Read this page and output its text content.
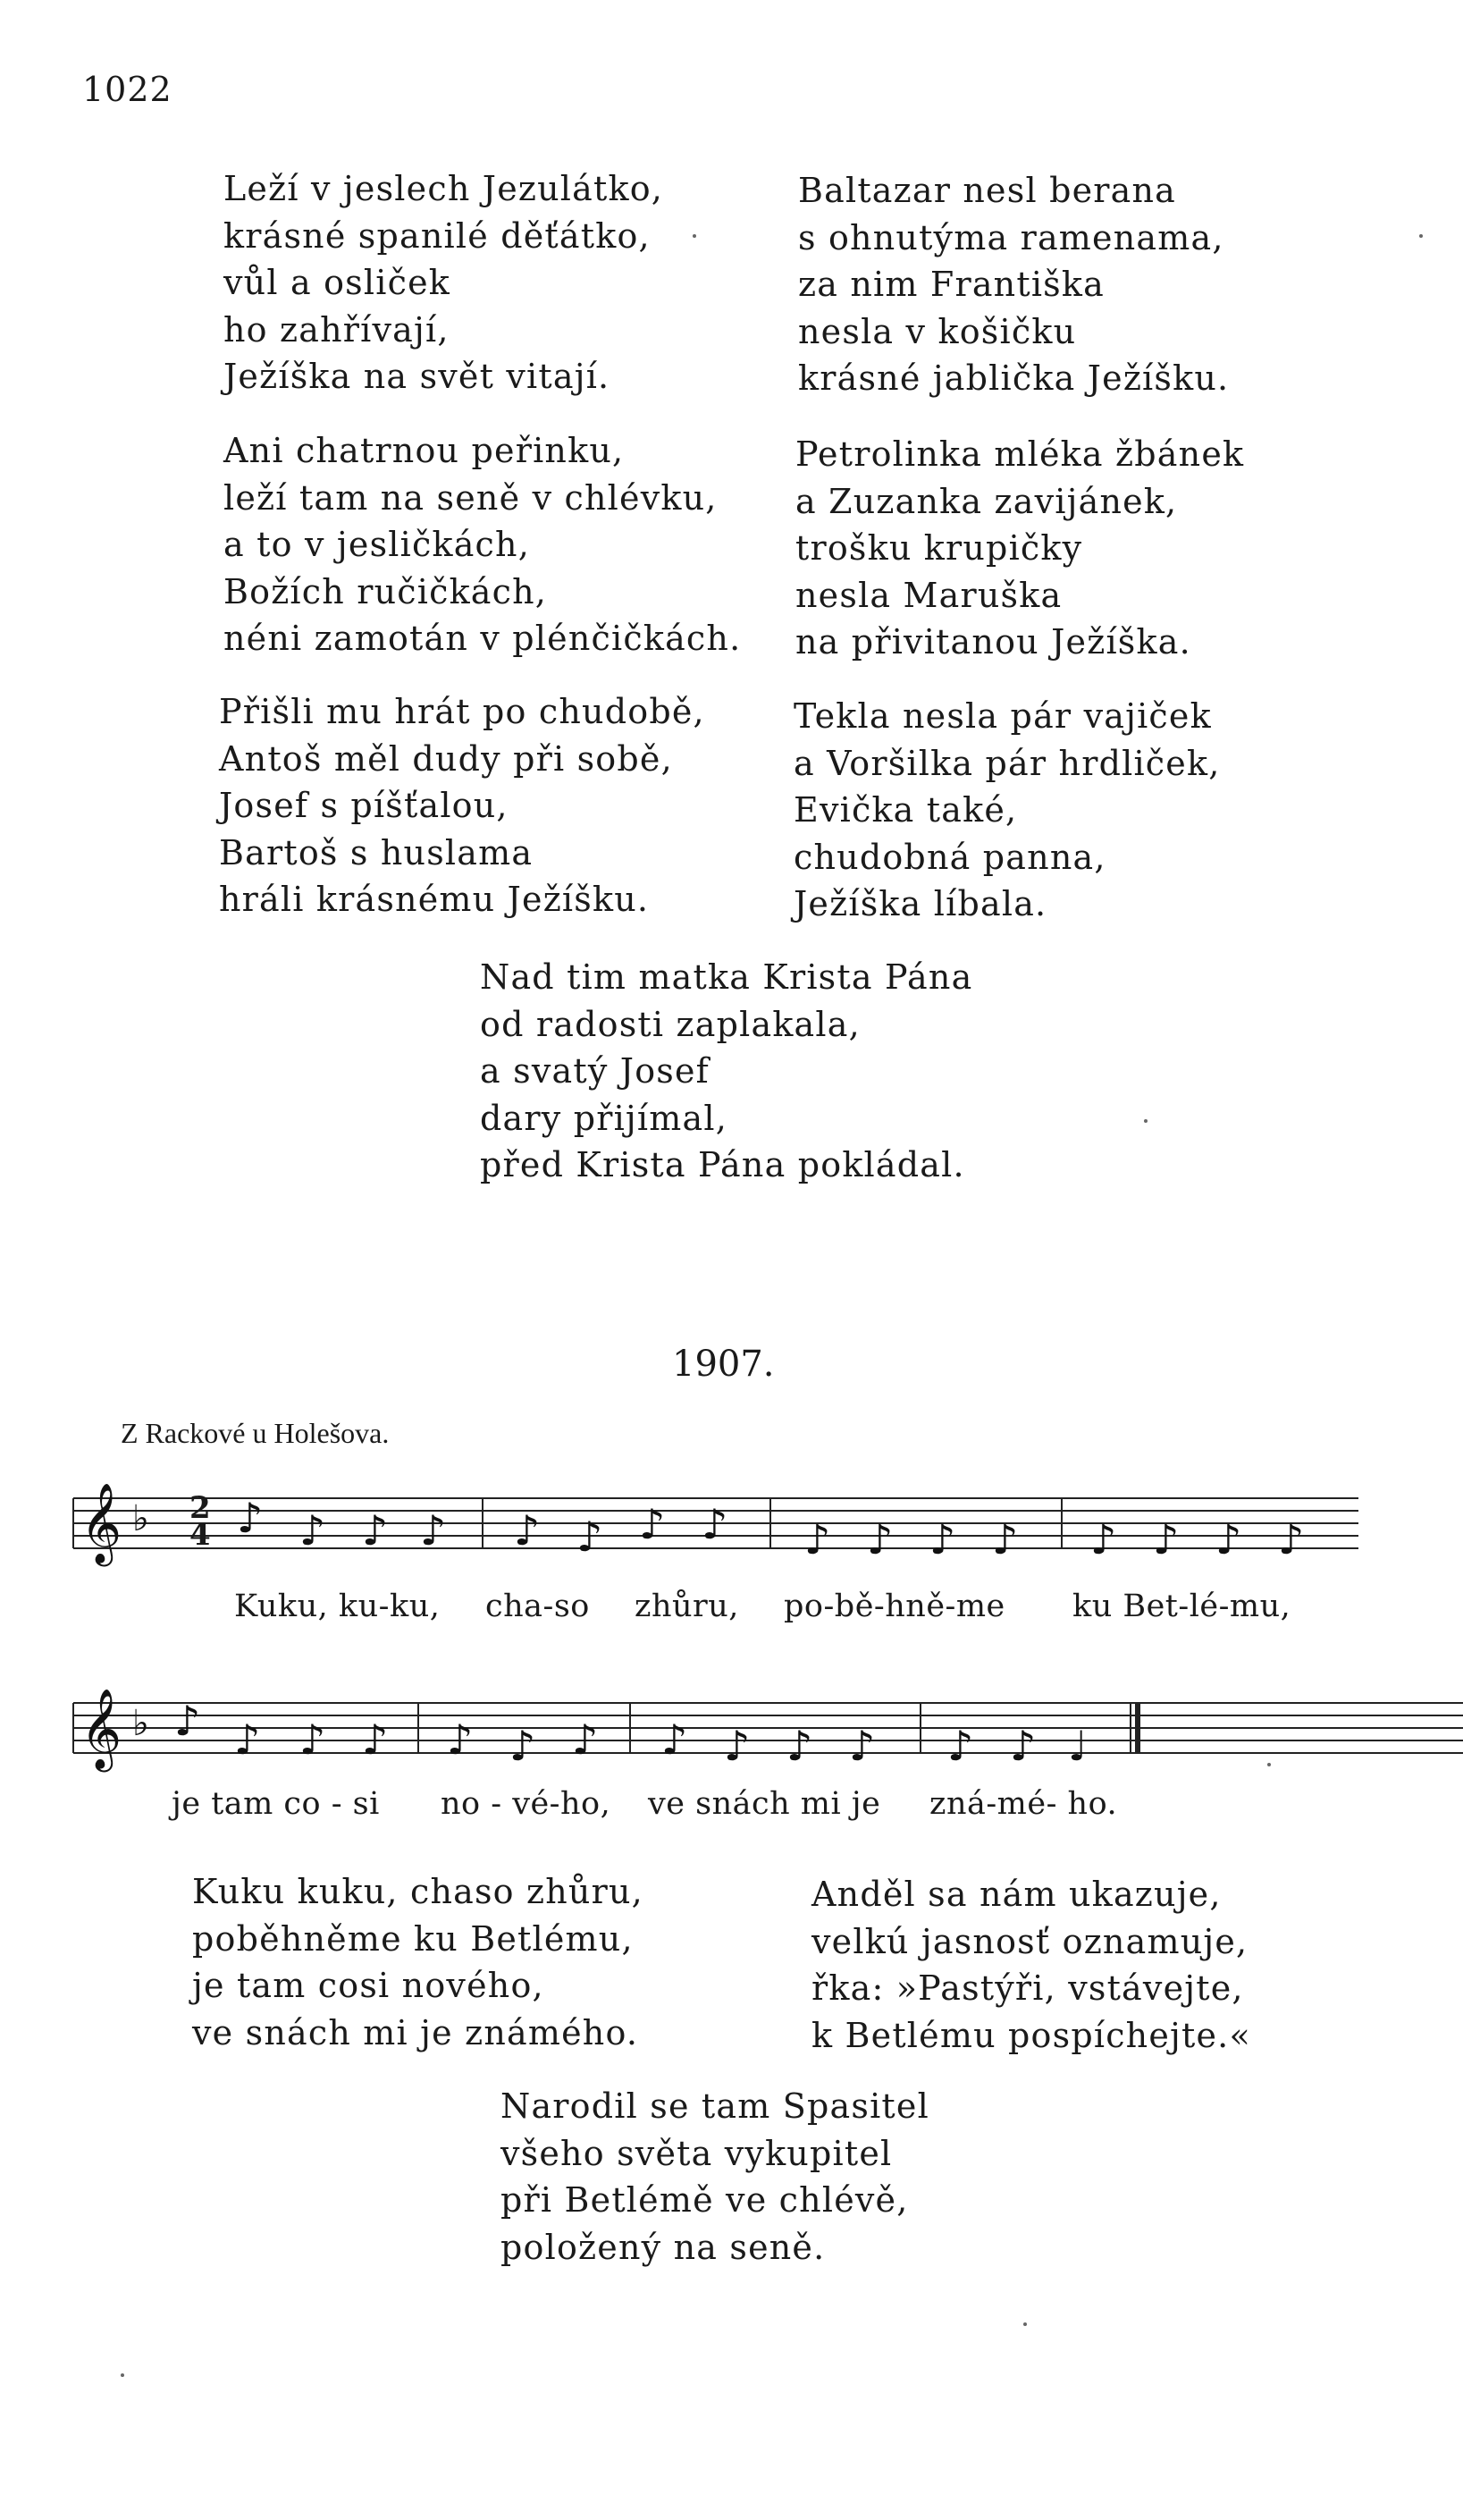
1022
Leží v jeslech Jezulátko,
krásné spanilé děťátko,
vůl a osliček
ho zahřívají,
Ježíška na svět vitají.
Ani chatrnou peřinku,
leží tam na seně v chlévku,
a to v jesličkách,
Božích ručičkách,
néni zamotán v plénčičkách.
Přišli mu hrát po chudobě,
Antoš měl dudy při sobě,
Josef s píšťalou,
Bartoš s huslama
hráli krásnému Ježíšku.
Baltazar nesl berana
s ohnutýma ramenama,
za nim Františka
nesla v košičku
krásné jablička Ježíšku.
Petrolinka mléka žbánek
a Zuzanka zavijánek,
trošku krupičky
nesla Maruška
na přivitanou Ježíška.
Tekla nesla pár vajiček
a Voršilka pár hrdliček,
Evička také,
chudobná panna,
Ježíška líbala.
Nad tim matka Krista Pána
od radosti zaplakala,
a svatý Josef
dary přijímal,
před Krista Pána pokládal.
1907.
Z Rackové u Holešova.
𝄞 ♭ ♪ ♪ ♪ ♪ ♪ ♪ ♪ ♪ ♪ ♪ ♪ ♪ ♪ ♪ ♪ ♪
𝄞 ♭
2
4
♪ ♪ ♪ ♪ ♪ ♪ ♪ ♪ ♪ ♪ ♪ ♪ ♪ ♩
Kuku, ku-ku, cha-so zhůru, po-bě-hně-me ku Bet-lé-mu,
je tam co - si no - vé-ho, ve snách mi je zná-mé- ho.
Kuku kuku, chaso zhůru,
poběhněme ku Betlému,
je tam cosi nového,
ve snách mi je známého.
Anděl sa nám ukazuje,
velkú jasnosť oznamuje,
řka: »Pastýři, vstávejte,
k Betlému pospíchejte.«
Narodil se tam Spasitel
všeho světa vykupitel
při Betlémě ve chlévě,
položený na seně.
